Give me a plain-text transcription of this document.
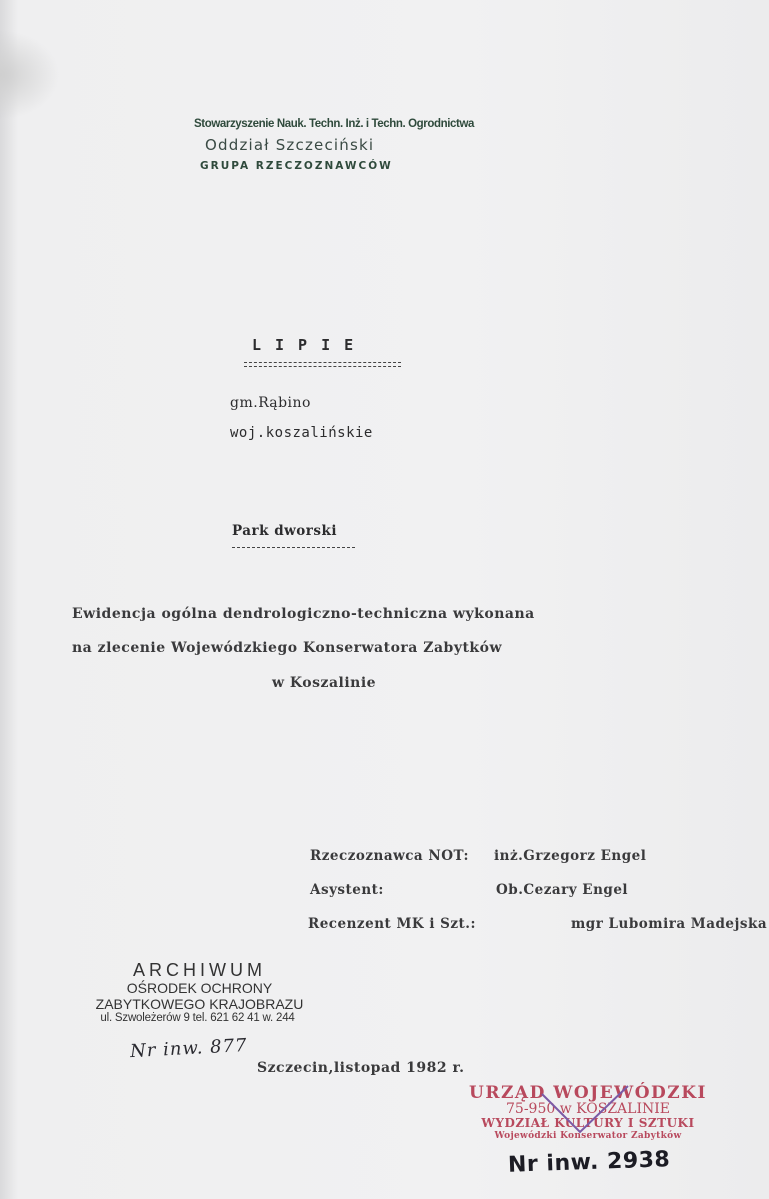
Stowarzyszenie Nauk. Techn. Inż. i Techn. Ogrodnictwa
Oddział Szczeciński
GRUPA RZECZOZNAWCÓW
LIPIE
gm.Rąbino
woj.koszalińskie
Park dworski
Ewidencja ogólna dendrologiczno-techniczna wykonana
na zlecenie Wojewódzkiego Konserwatora Zabytków
w Koszalinie
Rzeczoznawca NOT: inż.Grzegorz Engel
Asystent:	Ob.Cezary Engel
Recenzent MK i Szt.:	mgr Lubomira Madejska
ARCHIWUM
OŚRODEK OCHRONY
ZABYTKOWEGO KRAJOBRAZU
ul. Szwoleżerów 9 tel. 621 62 41 w. 244
Nr inw. 877
Szczecin,listopad 1982 r.
URZĄD WOJEWÓDZKI
75-950 w KOSZALINIE
WYDZIAŁ KULTURY I SZTUKI
Wojewódzki Konserwator Zabytków
Nr inw. 2938
